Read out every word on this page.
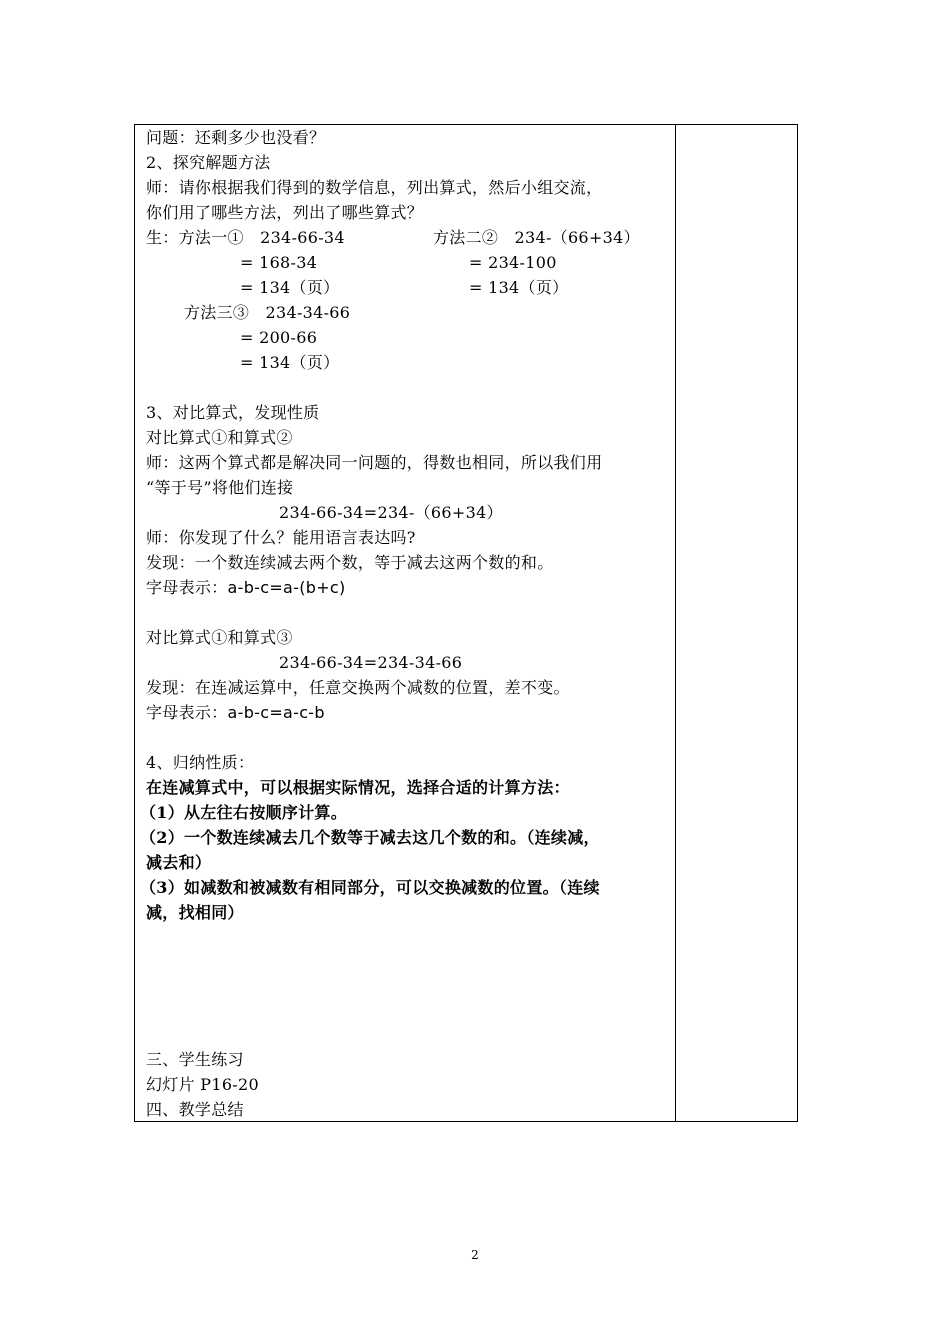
问题：还剩多少也没看？
2、探究解题方法
师：请你根据我们得到的数学信息，列出算式，然后小组交流，
你们用了哪些方法，列出了哪些算式？
生：方法一①　234-66-34
= 168-34
= 134（页）
方法二②　234-（66+34）
= 234-100
= 134（页）
方法三③　234-34-66
= 200-66
= 134（页）
3、对比算式，发现性质
对比算式①和算式②
师：这两个算式都是解决同一问题的，得数也相同，所以我们用
“等于号”将他们连接
234-66-34=234-（66+34）
师：你发现了什么？能用语言表达吗?
发现：一个数连续减去两个数，等于减去这两个数的和。
字母表示：a-b-c=a-(b+c)
对比算式①和算式③
234-66-34=234-34-66
发现：在连减运算中，任意交换两个减数的位置，差不变。
字母表示：a-b-c=a-c-b
4、归纳性质：
在连减算式中，可以根据实际情况，选择合适的计算方法：
（1）从左往右按顺序计算。
（2）一个数连续减去几个数等于减去这几个数的和。（连续减，
减去和）
（3）如减数和被减数有相同部分，可以交换减数的位置。（连续
减，找相同）
三、学生练习
幻灯片 P16-20
四、教学总结
2
